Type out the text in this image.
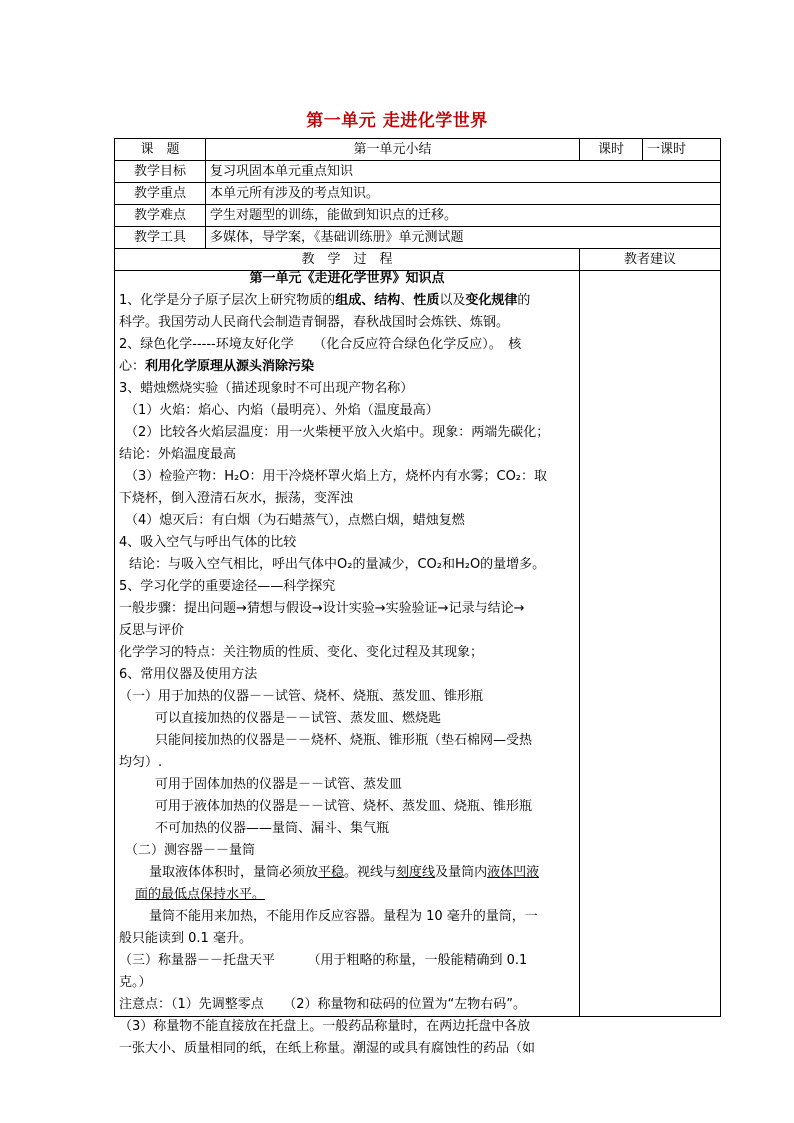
第一单元 走进化学世界
课　题	第一单元小结	课时	一课时
教学目标	复习巩固本单元重点知识		
教学重点	本单元所有涉及的考点知识。		
教学难点	学生对题型的训练，能做到知识点的迁移。		
教学工具	多媒体，导学案，《基础训练册》单元测试题		
教　学　过　程		教者建议	
第一单元《走进化学世界》知识点
1、化学是分子原子层次上研究物质的组成、结构、性质以及变化规律的
科学。我国劳动人民商代会制造青铜器，春秋战国时会炼铁、炼钢。
2、绿色化学-----环境友好化学　　（化合反应符合绿色化学反应）。　核
心：利用化学原理从源头消除污染
3、蜡烛燃烧实验（描述现象时不可出现产物名称）
（1）火焰：焰心、内焰（最明亮）、外焰（温度最高）
（2）比较各火焰层温度：用一火柴梗平放入火焰中。现象：两端先碳化；
结论：外焰温度最高
（3）检验产物：H₂O：用干冷烧杯罩火焰上方，烧杯内有水雾；CO₂：取
下烧杯，倒入澄清石灰水，振荡，变浑浊
（4）熄灭后：有白烟（为石蜡蒸气），点燃白烟，蜡烛复燃
4、吸入空气与呼出气体的比较
结论：与吸入空气相比，呼出气体中O₂的量减少，CO₂和H₂O的量增多。
5、学习化学的重要途径——科学探究
一般步骤：提出问题→猜想与假设→设计实验→实验验证→记录与结论→
反思与评价
化学学习的特点：关注物质的性质、变化、变化过程及其现象；
6、常用仪器及使用方法
（一）用于加热的仪器－－试管、烧杯、烧瓶、蒸发皿、锥形瓶
可以直接加热的仪器是－－试管、蒸发皿、燃烧匙
只能间接加热的仪器是－－烧杯、烧瓶、锥形瓶（垫石棉网—受热
均匀）.
可用于固体加热的仪器是－－试管、蒸发皿
可用于液体加热的仪器是－－试管、烧杯、蒸发皿、烧瓶、锥形瓶
不可加热的仪器——量筒、漏斗、集气瓶
（二）测容器－－量筒
量取液体体积时，量筒必须放平稳。视线与刻度线及量筒内液体凹液
面的最低点保持水平。
量筒不能用来加热，不能用作反应容器。量程为 10 毫升的量筒，一
般只能读到 0.1 毫升。
（三）称量器－－托盘天平　　　（用于粗略的称量，一般能精确到 0.1
克。）
注意点：（1）先调整零点　　（2）称量物和砝码的位置为“左物右码”。
（3）称量物不能直接放在托盘上。一般药品称量时，在两边托盘中各放
一张大小、质量相同的纸，在纸上称量。潮湿的或具有腐蚀性的药品（如
